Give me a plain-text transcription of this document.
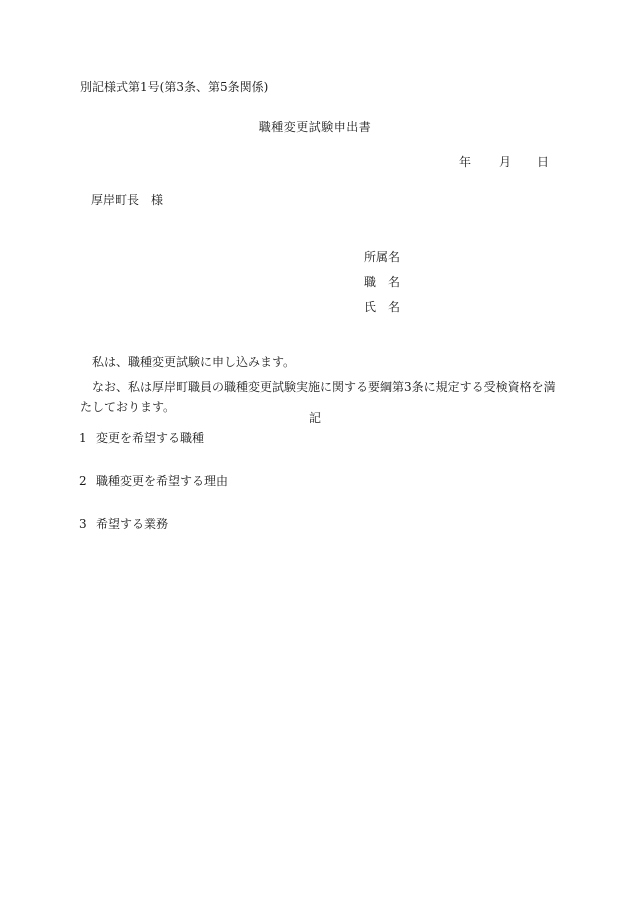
別記様式第1号(第3条、第5条関係)
職種変更試験申出書
年 月 日
厚岸町長　様
所属名
職　名
氏　名
私は、職種変更試験に申し込みます。
なお、私は厚岸町職員の職種変更試験実施に関する要綱第3条に規定する受検資格を満たしております。
記
1 変更を希望する職種
2 職種変更を希望する理由
3 希望する業務
